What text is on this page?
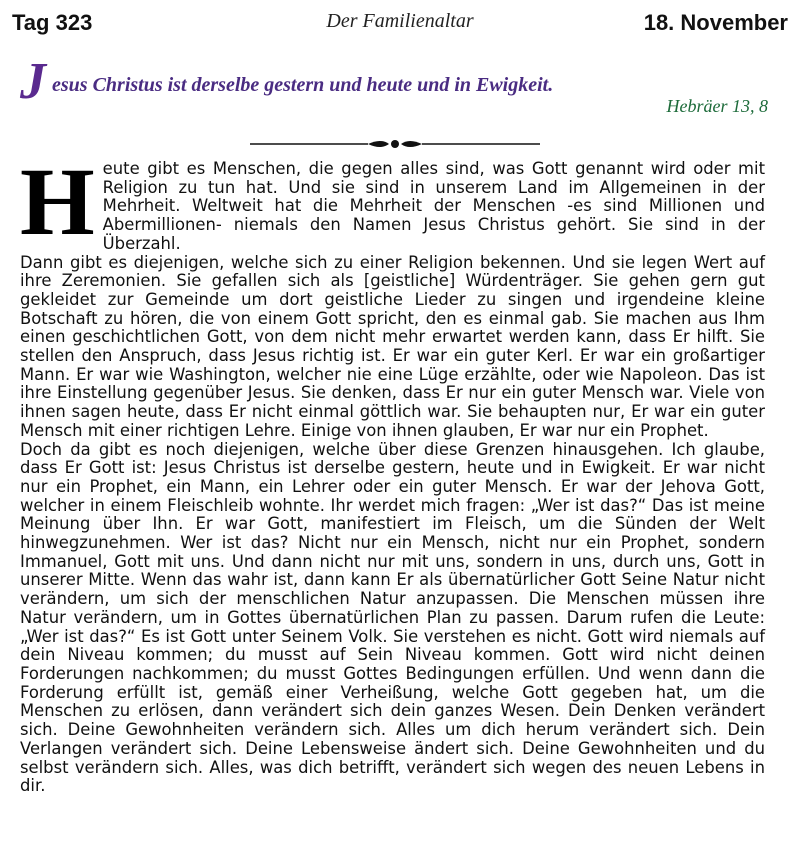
Tag 323	Der Familienaltar	18. November
J esus Christus ist derselbe gestern und heute und in Ewigkeit.
Hebräer 13, 8

Heute gibt es Menschen, die gegen alles sind, was Gott genannt wird oder mit Religion zu tun hat. Und sie sind in unserem Land im Allgemeinen in der Mehrheit. Weltweit hat die Mehrheit der Menschen -es sind Millionen und Abermillionen- niemals den Namen Jesus Christus gehört. Sie sind in der Überzahl.

Dann gibt es diejenigen, welche sich zu einer Religion bekennen. Und sie legen Wert auf ihre Zeremonien. Sie gefallen sich als [geistliche] Würdenträger. Sie gehen gern gut gekleidet zur Gemeinde um dort geistliche Lieder zu singen und irgendeine kleine Botschaft zu hören, die von einem Gott spricht, den es einmal gab. Sie machen aus Ihm einen geschichtlichen Gott, von dem nicht mehr erwartet werden kann, dass Er hilft. Sie stellen den Anspruch, dass Jesus richtig ist. Er war ein guter Kerl. Er war ein großartiger Mann. Er war wie Washington, welcher nie eine Lüge erzählte, oder wie Napoleon. Das ist ihre Einstellung gegenüber Jesus. Sie denken, dass Er nur ein guter Mensch war. Viele von ihnen sagen heute, dass Er nicht einmal göttlich war. Sie behaupten nur, Er war ein guter Mensch mit einer richtigen Lehre. Einige von ihnen glauben, Er war nur ein Prophet.

Doch da gibt es noch diejenigen, welche über diese Grenzen hinausgehen. Ich glaube, dass Er Gott ist: Jesus Christus ist derselbe gestern, heute und in Ewigkeit. Er war nicht nur ein Prophet, ein Mann, ein Lehrer oder ein guter Mensch. Er war der Jehova Gott, welcher in einem Fleischleib wohnte. Ihr werdet mich fragen: „Wer ist das?“ Das ist meine Meinung über Ihn. Er war Gott, manifestiert im Fleisch, um die Sünden der Welt hinwegzunehmen. Wer ist das? Nicht nur ein Mensch, nicht nur ein Prophet, sondern Immanuel, Gott mit uns. Und dann nicht nur mit uns, sondern in uns, durch uns, Gott in unserer Mitte. Wenn das wahr ist, dann kann Er als übernatürlicher Gott Seine Natur nicht verändern, um sich der menschlichen Natur anzupassen. Die Menschen müssen ihre Natur verändern, um in Gottes übernatürlichen Plan zu passen. Darum rufen die Leute: „Wer ist das?“ Es ist Gott unter Seinem Volk. Sie verstehen es nicht. Gott wird niemals auf dein Niveau kommen; du musst auf Sein Niveau kommen. Gott wird nicht deinen Forderungen nachkommen; du musst Gottes Bedingungen erfüllen. Und wenn dann die Forderung erfüllt ist, gemäß einer Verheißung, welche Gott gegeben hat, um die Menschen zu erlösen, dann verändert sich dein ganzes Wesen. Dein Denken verändert sich. Deine Gewohnheiten verändern sich. Alles um dich herum verändert sich. Dein Verlangen verändert sich. Deine Lebensweise ändert sich. Deine Gewohnheiten und du selbst verändern sich. Alles, was dich betrifft, verändert sich wegen des neuen Lebens in dir.
